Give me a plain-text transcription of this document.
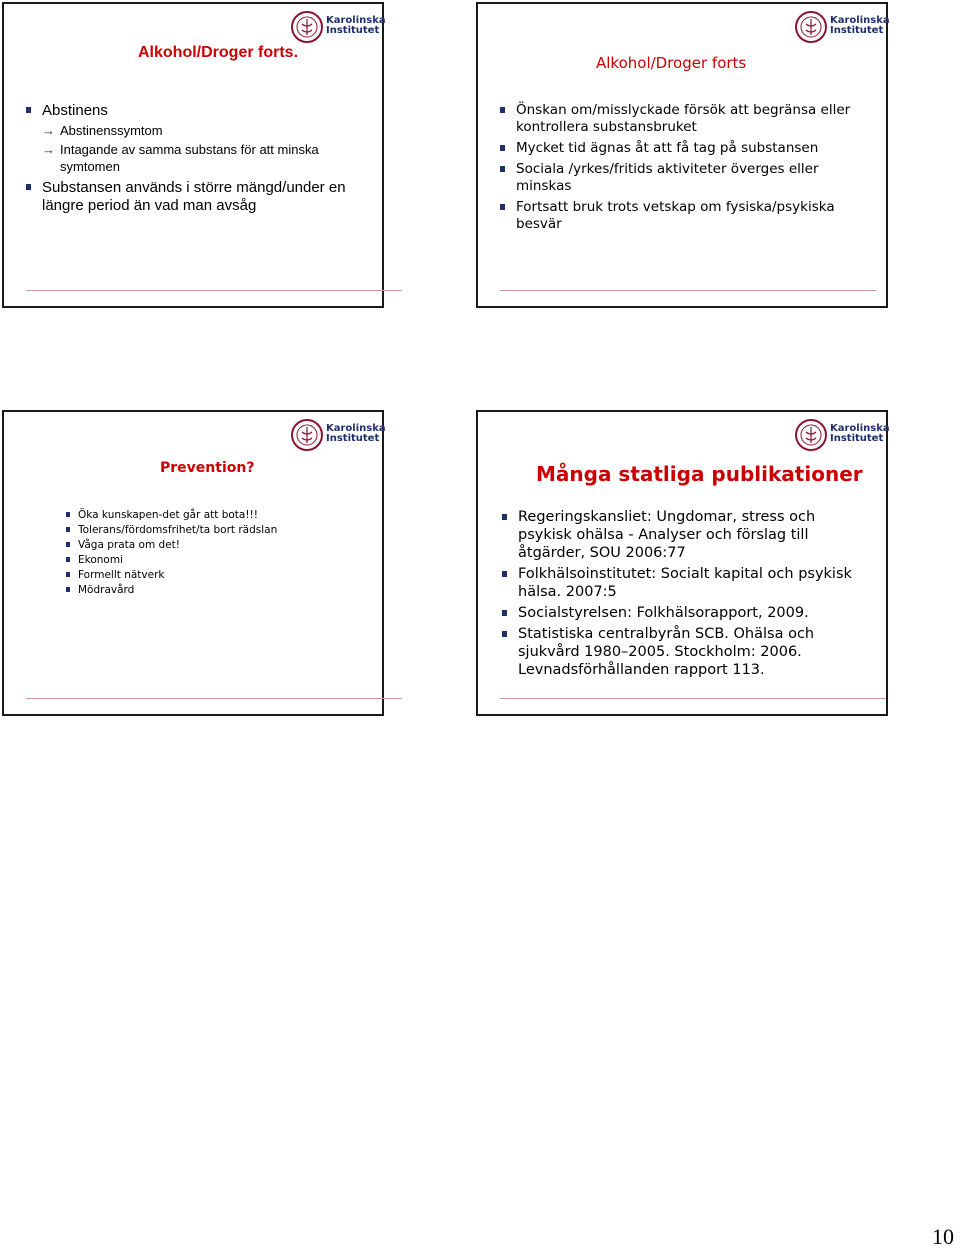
Karolinska
Institutet
Alkohol/Droger forts.
Abstinens
→ Abstinenssymtom
→ Intagande av samma substans för att minska symtomen
Substansen används i större mängd/under en längre period än vad man avsåg
Karolinska
Institutet
Alkohol/Droger forts
Önskan om/misslyckade försök att begränsa eller kontrollera substansbruket
Mycket tid ägnas åt att få tag på substansen
Sociala /yrkes/fritids aktiviteter överges eller minskas
Fortsatt bruk trots vetskap om fysiska/psykiska besvär
Karolinska
Institutet
Prevention?
Öka kunskapen-det går att bota!!!
Tolerans/fördomsfrihet/ta bort rädslan
Våga prata om det!
Ekonomi
Formellt nätverk
Mödravård
Karolinska
Institutet
Många statliga publikationer
Regeringskansliet: Ungdomar, stress och psykisk ohälsa - Analyser och förslag till åtgärder, SOU 2006:77
Folkhälsoinstitutet: Socialt kapital och psykisk hälsa. 2007:5
Socialstyrelsen: Folkhälsorapport, 2009.
Statistiska centralbyrån SCB. Ohälsa och sjukvård 1980–2005. Stockholm: 2006. Levnadsförhållanden rapport 113.
10
